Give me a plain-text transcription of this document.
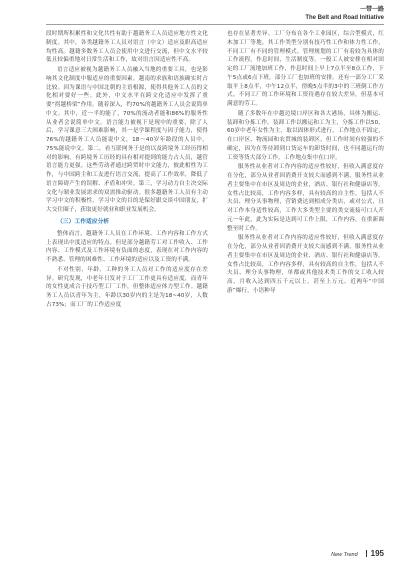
一带一路
The Belt and Road Initiative

段时期所积累性和文化共性有助于越籍务工人员适应地方性文化制度。其中，各类越籍务工人员对语言（中文）适应及职高适应均性高。越籍多数务工人员会使用中文进行交流，但中文水平较低且较偏重地对日常生活和工作，故对语言因适应性不高。

语言适应被视为越籍务工人员融入当地的重要工具，也是影响其文化制度中服适应的重要因素。越南的求族和语族确实时占比较。因为课语与中国北朝的主语根源，使得其他务工人员的文化相对要好一些。此外，中文水平在跨文化适应中发挥了重要“拐越桥梁”作用。随着深入，约70%的越籍务工人员会说简单中文。其中，近一半的能了，70%的流动者能和86%的服务性从业者会说简单中文。语言能力被视下是现中的重要，除了人后，学习课意三大困难影响，其一是学课程度与因子能力，使得76%的越籍务工人员能说中文，18～40岁年龄段的人员中，75%能说中文。第二，看互联网务于是的以及跨境务工经历得相对的影响，有跨境务工历经的具有相对提到的能力占人员，越管语言能力更强。这些劳动者通过跨贸时中文能力，彼此相性为工作，与中国跨主和工友进行语言交流，提高了工作效率，降低了语言障碍产生的误解、矛盾和冲突。第三，学习动力自主决交际文化与制业发展需求的双需推动驱动。很多越籍务工人员有主动学习中文的积极性，学习中文的目的是保好跟交谈中国朋友，扩大交往圈子，获取更好就业和职业发展机会。

（三）工作适应分析

整体而言，越籍务工人员在工作环境、工作内容和工作方式上表现出中度适应的特点。但是部分越籍劳工对工作收入、工作内容、工作模式及工作环境有负面的态度，表现在对工作内容的不熟悉、管理的困难性、工作环境的适应以及工资的不满。

不对性别、年龄、工种的务工人员对工作的适应度存在差异。研究发现，中老年日发对于工厂工作更具有适应度，而青年的女性更成合于技巧型工厂工作，但整体适应体力型工作。越籍务工人员以青年为主，年龄以30岁内的主是为18~40岁，人数占73%；而工厂的工作适应度

也存在显著差异。工厂分布在各个工业园区，综合型模式，红木加工厂等地。其工作类型分别有技巧性工作和体力性工作，不同工厂有不同的管理模式。管理规划的工厂有着较为具体的工作流程，作息时间，生活制度等。一般工人被安排在相对固定的工厂流地加班工作，作息时间上早上7点半至8点工作，下午5点或6点下班，部分工厂也加班的安排。还有一部分工厂采取平上8点半，中午12点半，傍晚5点半的3中的三班倒工作方式。不同工厂的工作环境和工资待遇存在较大差异，但基本可满意的劳工。

随了多数年在中越边境口岸区和各大港场，具体为搬运、装卸和分拣工作。装卸工作以搬运和工为主，分拣工作以50、60岁中老年女性为主，取以固体形式进行，工作地点不固定，在口岸区、物流园和农贸城的装卸区，但工作时间有较强的不确定，因为在等待卸到口货运车的卸货时间，也不同越运行的工资等货大部分工作。工作地点集中在口岸。

服务性从业者对工作内容的适应性较好，但收入满意度存在分化，部分从业者因消费开支较大而感到不满，服务性从业者主要集中在市区及周边的企业，酒店、银行社和健康店等。女性占比较高，工作内容多样，具有较高的自主性，包括人不夫员、理分头事物理，营销费达到相成分类店，或对公式，且对工作本身适性较高，工作大多类型主要的类交流接可口人开元一年此，此为实际是达到可工作上限，工作内容，在重新调整至时工作。

服务性从业者对工作内容的适应性较好，但收入满意度存在分化，部分从业者因消费开支较大而感到不满。服务性从业者主要集中在市区及周边的企业、酒店、银行社和健康店等。女性占比较高，工作内容多样，具有较高的自主性，包括人不夫员、理分头事物理，单都或其他技术类工作的交工收入较高，月收入达到四五千元以上，甚至上万元。近两年“中国游”爆行，小语种导

New Trend 195
